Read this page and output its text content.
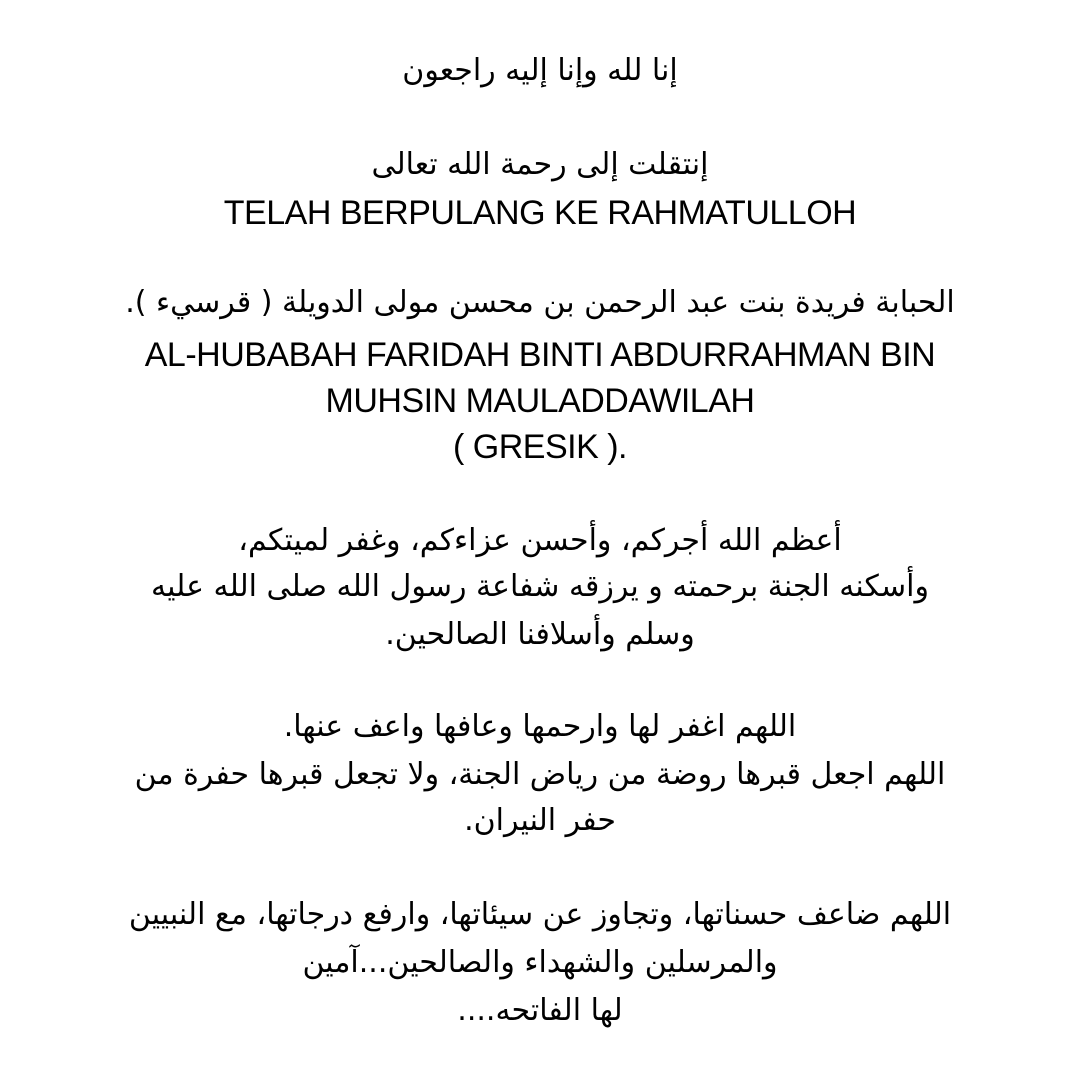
إنا لله وإنا إليه راجعون
إنتقلت إلى رحمة الله تعالى
TELAH BERPULANG KE RAHMATULLOH
الحبابة فريدة بنت عبد الرحمن بن محسن مولى الدويلة ( قرسيء ).
AL-HUBABAH FARIDAH BINTI ABDURRAHMAN BIN
MUHSIN MAULADDAWILAH
( GRESIK ).
أعظم الله أجركم، وأحسن عزاءكم، وغفر لميتكم،
وأسكنه الجنة برحمته و يرزقه شفاعة رسول الله صلى الله عليه
وسلم وأسلافنا الصالحين.
اللهم اغفر لها وارحمها وعافها واعف عنها.
اللهم اجعل قبرها روضة من رياض الجنة، ولا تجعل قبرها حفرة من
حفر النيران.
اللهم ضاعف حسناتها، وتجاوز عن سيئاتها، وارفع درجاتها، مع النبيين
والمرسلين والشهداء والصالحين...آمين
لها الفاتحه....
